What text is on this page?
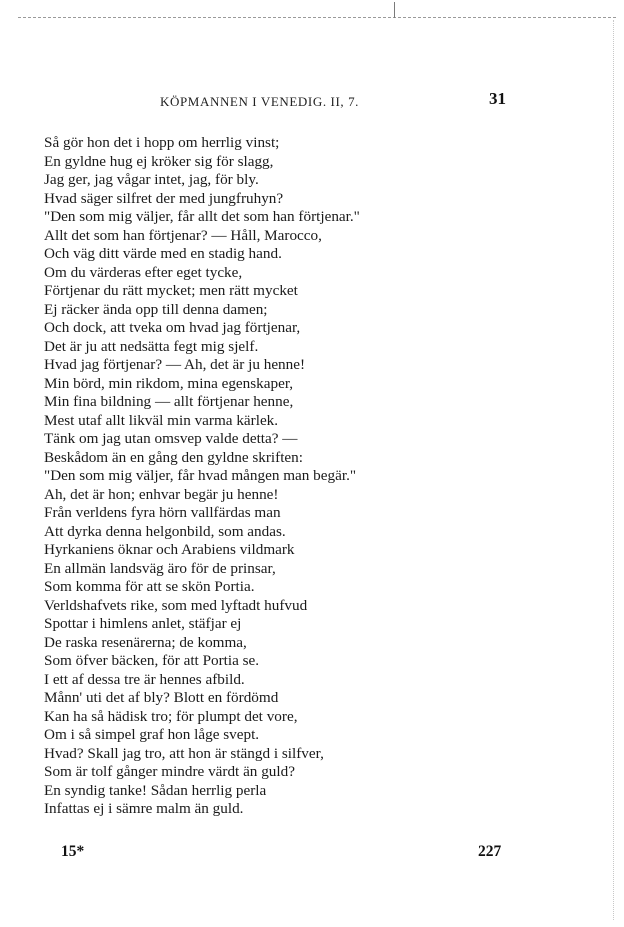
KÖPMANNEN I VENEDIG. II, 7.	31
Så gör hon det i hopp om herrlig vinst;
En gyldne hug ej kröker sig för slagg,
Jag ger, jag vågar intet, jag, för bly.
Hvad säger silfret der med jungfruhyn?
"Den som mig väljer, får allt det som han förtjenar."
Allt det som han förtjenar? — Håll, Marocco,
Och väg ditt värde med en stadig hand.
Om du värderas efter eget tycke,
Förtjenar du rätt mycket; men rätt mycket
Ej räcker ända opp till denna damen;
Och dock, att tveka om hvad jag förtjenar,
Det är ju att nedsätta fegt mig sjelf.
Hvad jag förtjenar? — Ah, det är ju henne!
Min börd, min rikdom, mina egenskaper,
Min fina bildning — allt förtjenar henne,
Mest utaf allt likväl min varma kärlek.
Tänk om jag utan omsvep valde detta? —
Beskådom än en gång den gyldne skriften:
"Den som mig väljer, får hvad mången man begär."
Ah, det är hon; enhvar begär ju henne!
Från verldens fyra hörn vallfärdas man
Att dyrka denna helgonbild, som andas.
Hyrkaniens öknar och Arabiens vildmark
En allmän landsväg äro för de prinsar,
Som komma för att se skön Portia.
Verldshafvets rike, som med lyftadt hufvud
Spottar i himlens anlet, stäfjar ej
De raska resenärerna; de komma,
Som öfver bäcken, för att Portia se.
I ett af dessa tre är hennes afbild.
Månn' uti det af bly? Blott en fördömd
Kan ha så hädisk tro; för plumpt det vore,
Om i så simpel graf hon låge svept.
Hvad? Skall jag tro, att hon är stängd i silfver,
Som är tolf gånger mindre värdt än guld?
En syndig tanke! Sådan herrlig perla
Infattas ej i sämre malm än guld.
15*	227
